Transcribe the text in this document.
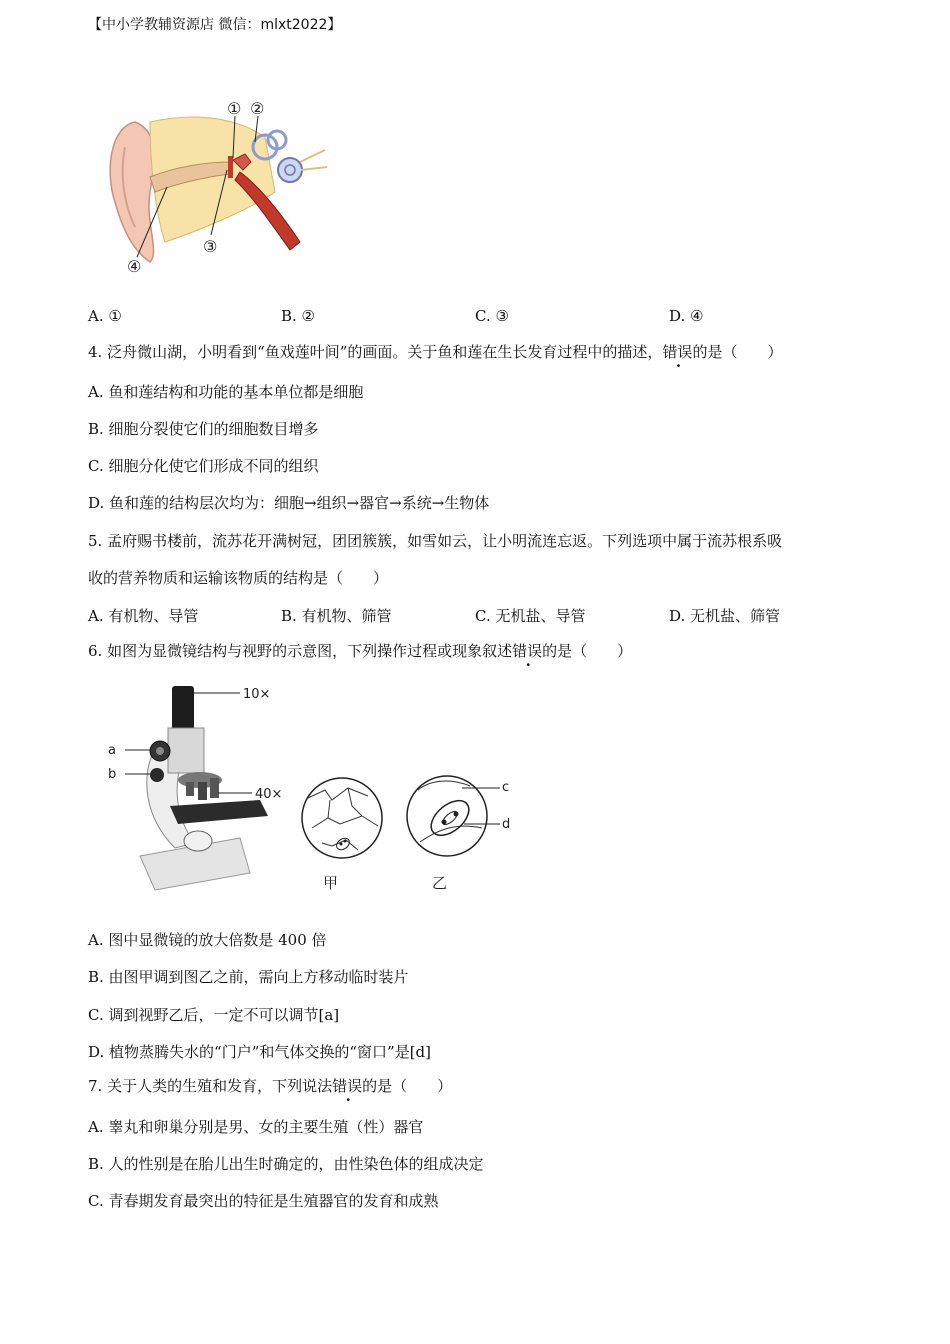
【中小学教辅资源店 微信：mlxt2022】
① ②
③
④
A. ①	B. ②	C. ③	D. ④
4. 泛舟微山湖，小明看到“鱼戏莲叶间”的画面。关于鱼和莲在生长发育过程中的描述，错误的是（　　）
A. 鱼和莲结构和功能的基本单位都是细胞
B. 细胞分裂使它们的细胞数目增多
C. 细胞分化使它们形成不同的组织
D. 鱼和莲的结构层次均为：细胞→组织→器官→系统→生物体
5. 孟府赐书楼前，流苏花开满树冠，团团簇簇，如雪如云，让小明流连忘返。下列选项中属于流苏根系吸
收的营养物质和运输该物质的结构是（　　）
A. 有机物、导管	B. 有机物、筛管	C. 无机盐、导管	D. 无机盐、筛管
6. 如图为显微镜结构与视野的示意图，下列操作过程或现象叙述错误的是（　　）
10×
40×
a
b
甲
c
d
乙
A. 图中显微镜的放大倍数是 400 倍
B. 由图甲调到图乙之前，需向上方移动临时装片
C. 调到视野乙后，一定不可以调节[a]
D. 植物蒸腾失水的“门户”和气体交换的“窗口”是[d]
7. 关于人类的生殖和发育，下列说法错误的是（　　）
A. 睾丸和卵巢分别是男、女的主要生殖（性）器官
B. 人的性别是在胎儿出生时确定的，由性染色体的组成决定
C. 青春期发育最突出的特征是生殖器官的发育和成熟
